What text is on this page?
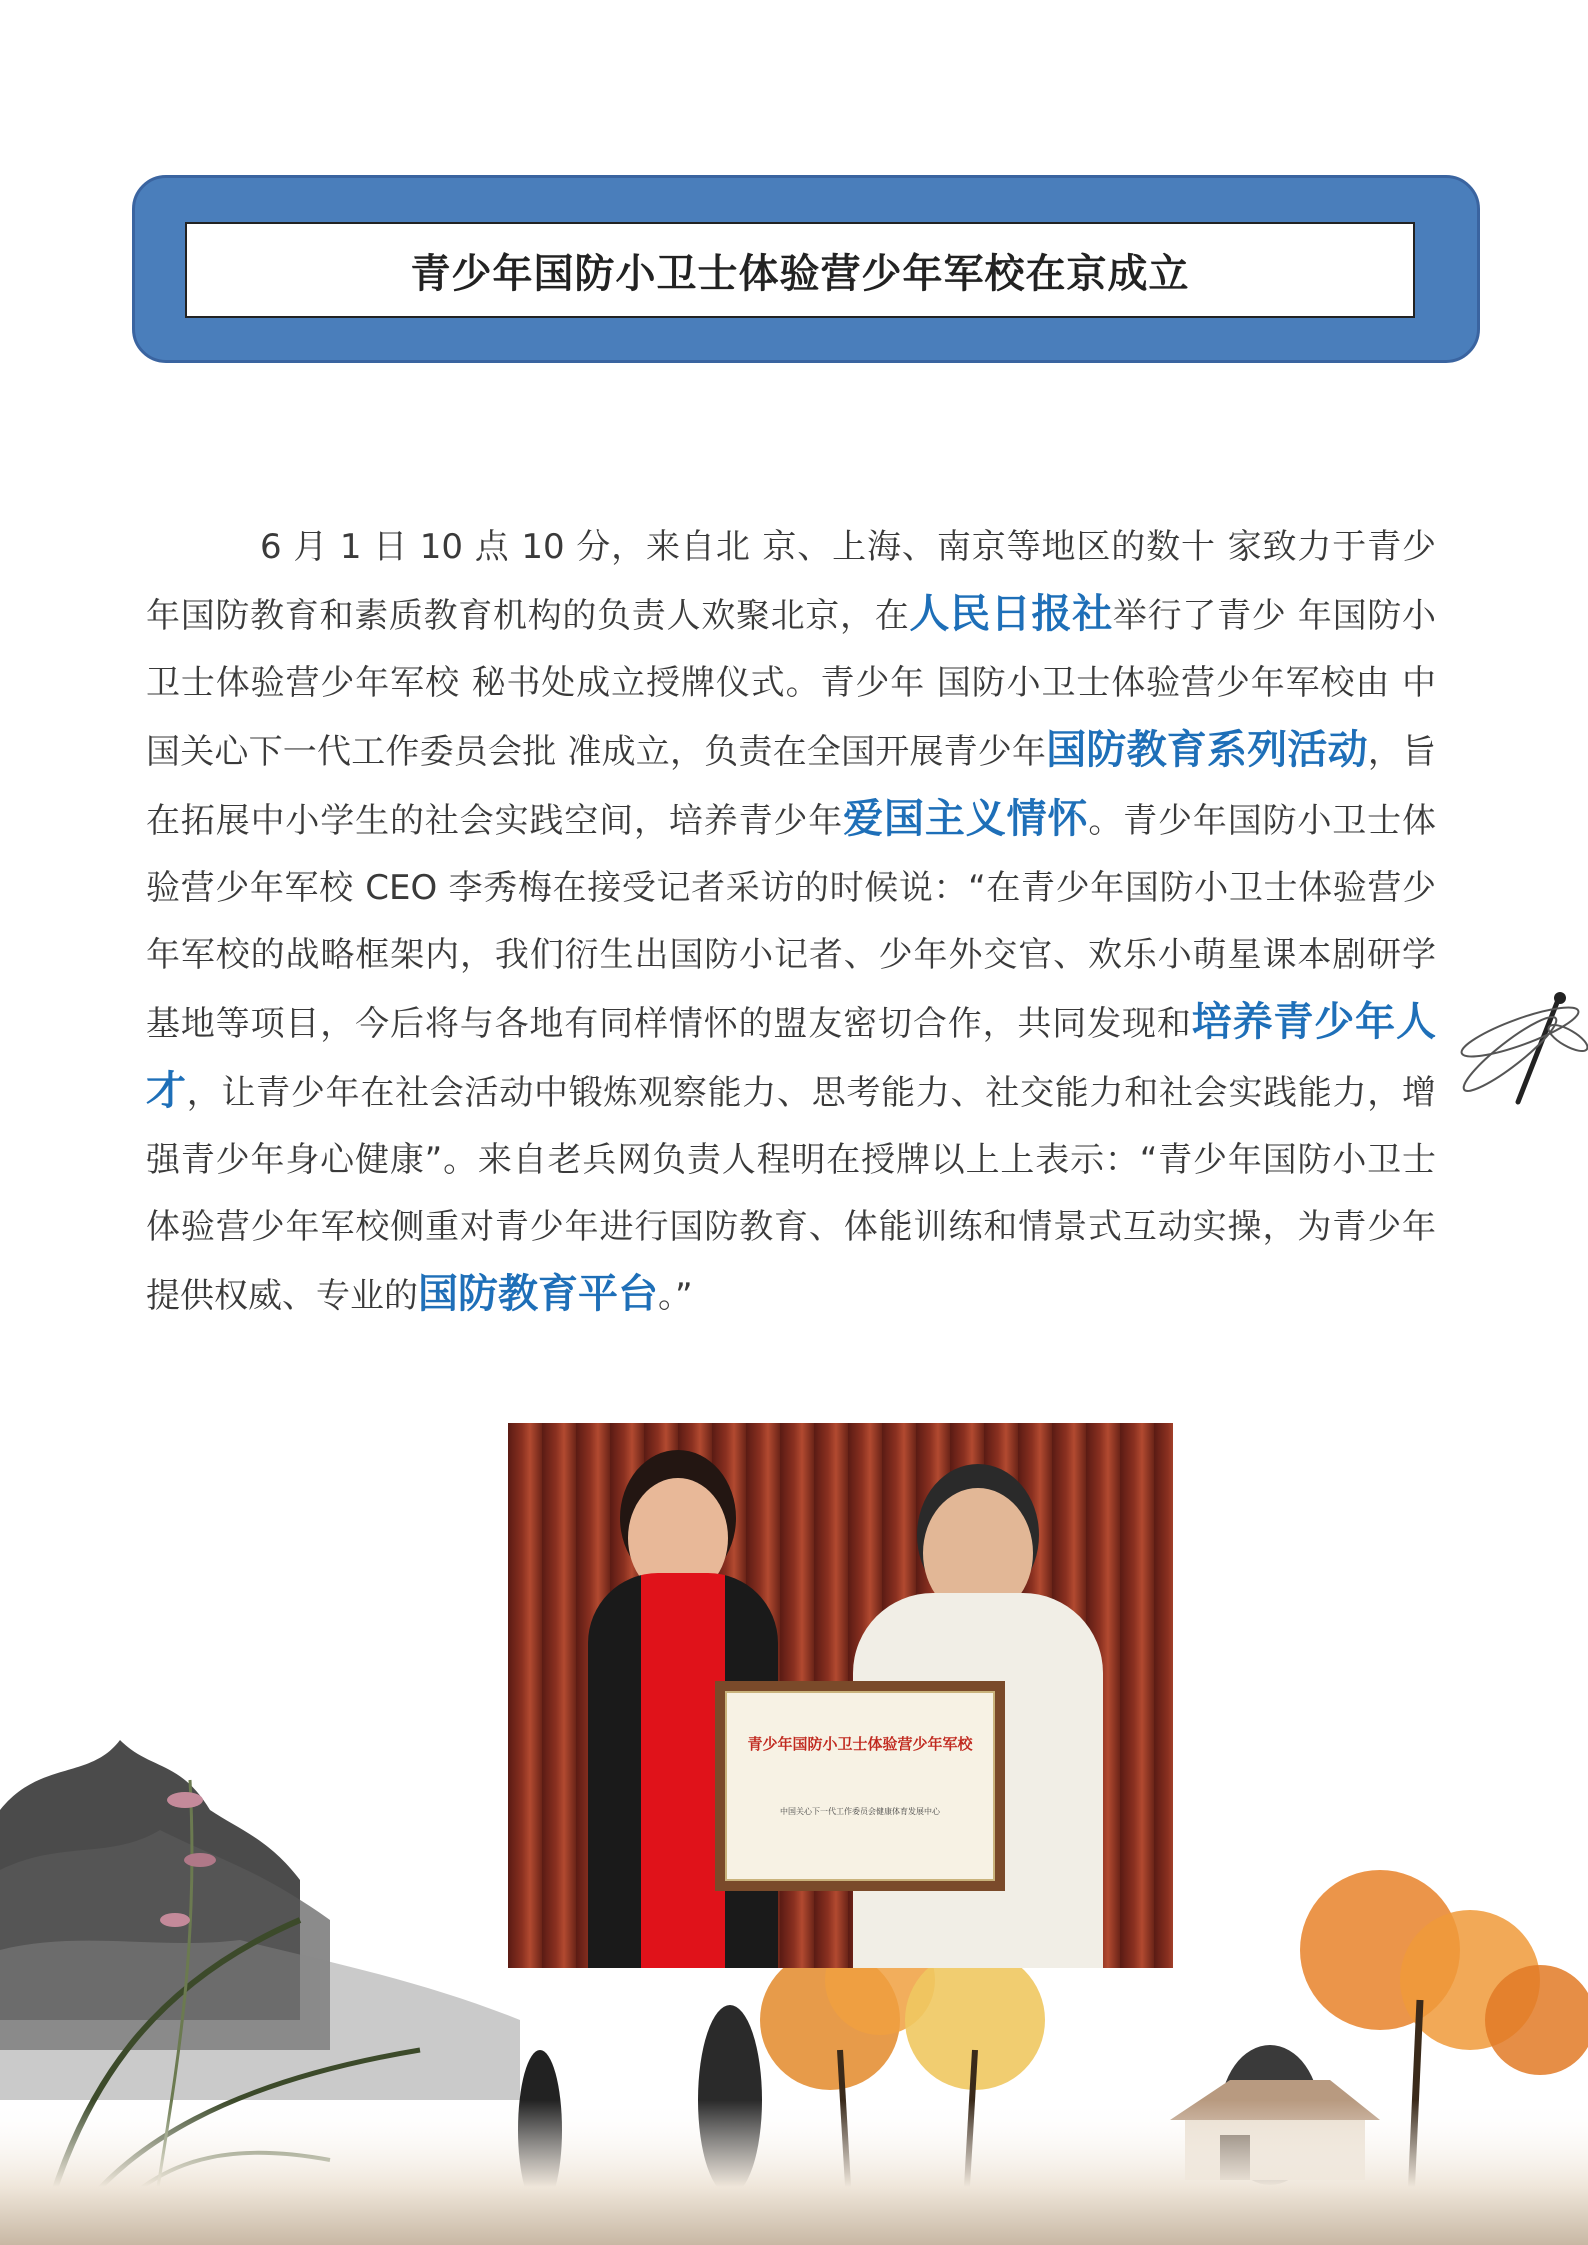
青少年国防小卫士体验营少年军校在京成立

6 月 1 日 10 点 10 分，来自北 京、上海、南京等地区的数十 家致力于青少年国防教育和素质教育机构的负责人欢聚北京，在人民日报社举行了青少 年国防小卫士体验营少年军校 秘书处成立授牌仪式。青少年 国防小卫士体验营少年军校由 中国关心下一代工作委员会批 准成立，负责在全国开展青少年国防教育系列活动，旨在拓展中小学生的社会实践空间，培养青少年爱国主义情怀。青少年国防小卫士体验营少年军校 CEO 李秀梅在接受记者采访的时候说：“在青少年国防小卫士体验营少年军校的战略框架内，我们衍生出国防小记者、少年外交官、欢乐小萌星课本剧研学基地等项目，今后将与各地有同样情怀的盟友密切合作，共同发现和培养青少年人才，让青少年在社会活动中锻炼观察能力、思考能力、社交能力和社会实践能力，增强青少年身心健康”。来自老兵网负责人程明在授牌以上上表示：“青少年国防小卫士体验营少年军校侧重对青少年进行国防教育、体能训练和情景式互动实操，为青少年提供权威、专业的国防教育平台。”

青少年国防小卫士体验营少年军校
中国关心下一代工作委员会健康体育发展中心
